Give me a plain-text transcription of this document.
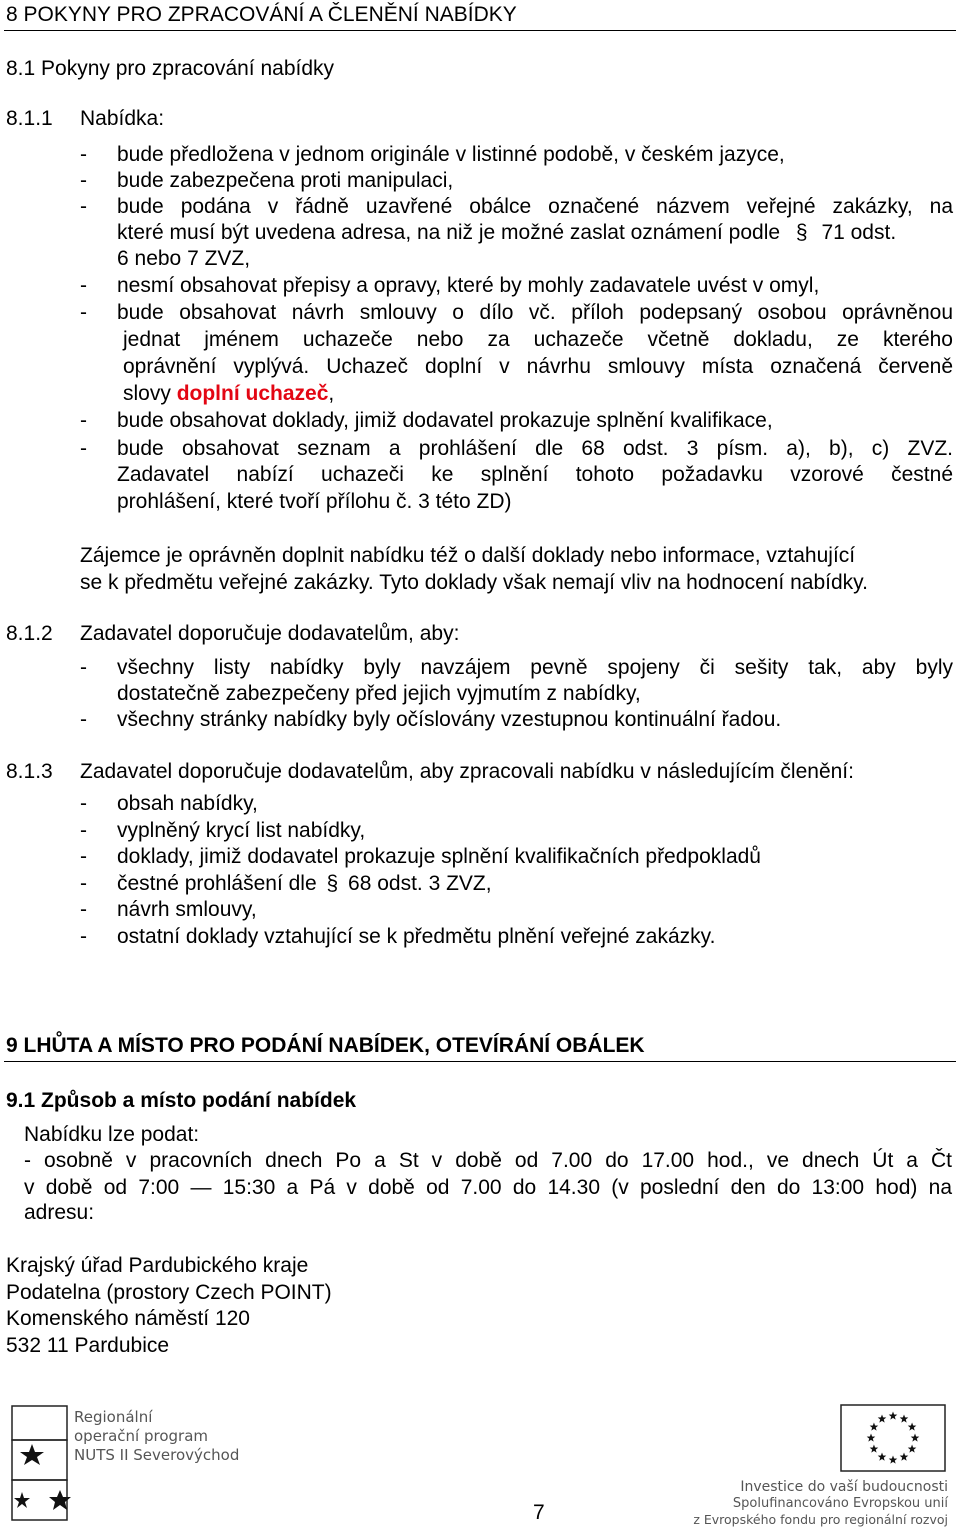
8 POKYNY PRO ZPRACOVÁNÍ A ČLENĚNÍ NABÍDKY
8.1 Pokyny pro zpracování nabídky
8.1.1 Nabídka:
- bude předložena v jednom originále v listinné podobě, v českém jazyce,
- bude zabezpečena proti manipulaci,
- bude podána v řádně uzavřené obálce označené názvem veřejné zakázky, na
které musí být uvedena adresa, na niž je možné zaslat oznámení podle § 71 odst.
6 nebo 7 ZVZ,
- nesmí obsahovat přepisy a opravy, které by mohly zadavatele uvést v omyl,
- bude obsahovat návrh smlouvy o dílo vč. příloh podepsaný osobou oprávněnou
jednat jménem uchazeče nebo za uchazeče včetně dokladu, ze kterého
oprávnění vyplývá. Uchazeč doplní v návrhu smlouvy místa označená červeně
slovy doplní uchazeč,
- bude obsahovat doklady, jimiž dodavatel prokazuje splnění kvalifikace,
- bude obsahovat seznam a prohlášení dle 68 odst. 3 písm. a), b), c) ZVZ.
Zadavatel nabízí uchazeči ke splnění tohoto požadavku vzorové čestné
prohlášení, které tvoří přílohu č. 3 této ZD)
Zájemce je oprávněn doplnit nabídku též o další doklady nebo informace, vztahující
se k předmětu veřejné zakázky. Tyto doklady však nemají vliv na hodnocení nabídky.
8.1.2 Zadavatel doporučuje dodavatelům, aby:
- všechny listy nabídky byly navzájem pevně spojeny či sešity tak, aby byly
dostatečně zabezpečeny před jejich vyjmutím z nabídky,
- všechny stránky nabídky byly očíslovány vzestupnou kontinuální řadou.
8.1.3 Zadavatel doporučuje dodavatelům, aby zpracovali nabídku v následujícím členění:
- obsah nabídky,
- vyplněný krycí list nabídky,
- doklady, jimiž dodavatel prokazuje splnění kvalifikačních předpokladů
- čestné prohlášení dle § 68 odst. 3 ZVZ,
- návrh smlouvy,
- ostatní doklady vztahující se k předmětu plnění veřejné zakázky.
9 LHŮTA A MÍSTO PRO PODÁNÍ NABÍDEK, OTEVÍRÁNÍ OBÁLEK
9.1 Způsob a místo podání nabídek
Nabídku lze podat:
- osobně v pracovních dnech Po a St v době od 7.00 do 17.00 hod., ve dnech Út a Čt
v době od 7:00 — 15:30 a Pá v době od 7.00 do 14.30 (v poslední den do 13:00 hod) na
adresu:
Krajský úřad Pardubického kraje
Podatelna (prostory Czech POINT)
Komenského náměstí 120
532 11 Pardubice
Regionální
operační program
NUTS II Severovýchod
7
Investice do vaší budoucnosti
Spolufinancováno Evropskou unií
z Evropského fondu pro regionální rozvoj
